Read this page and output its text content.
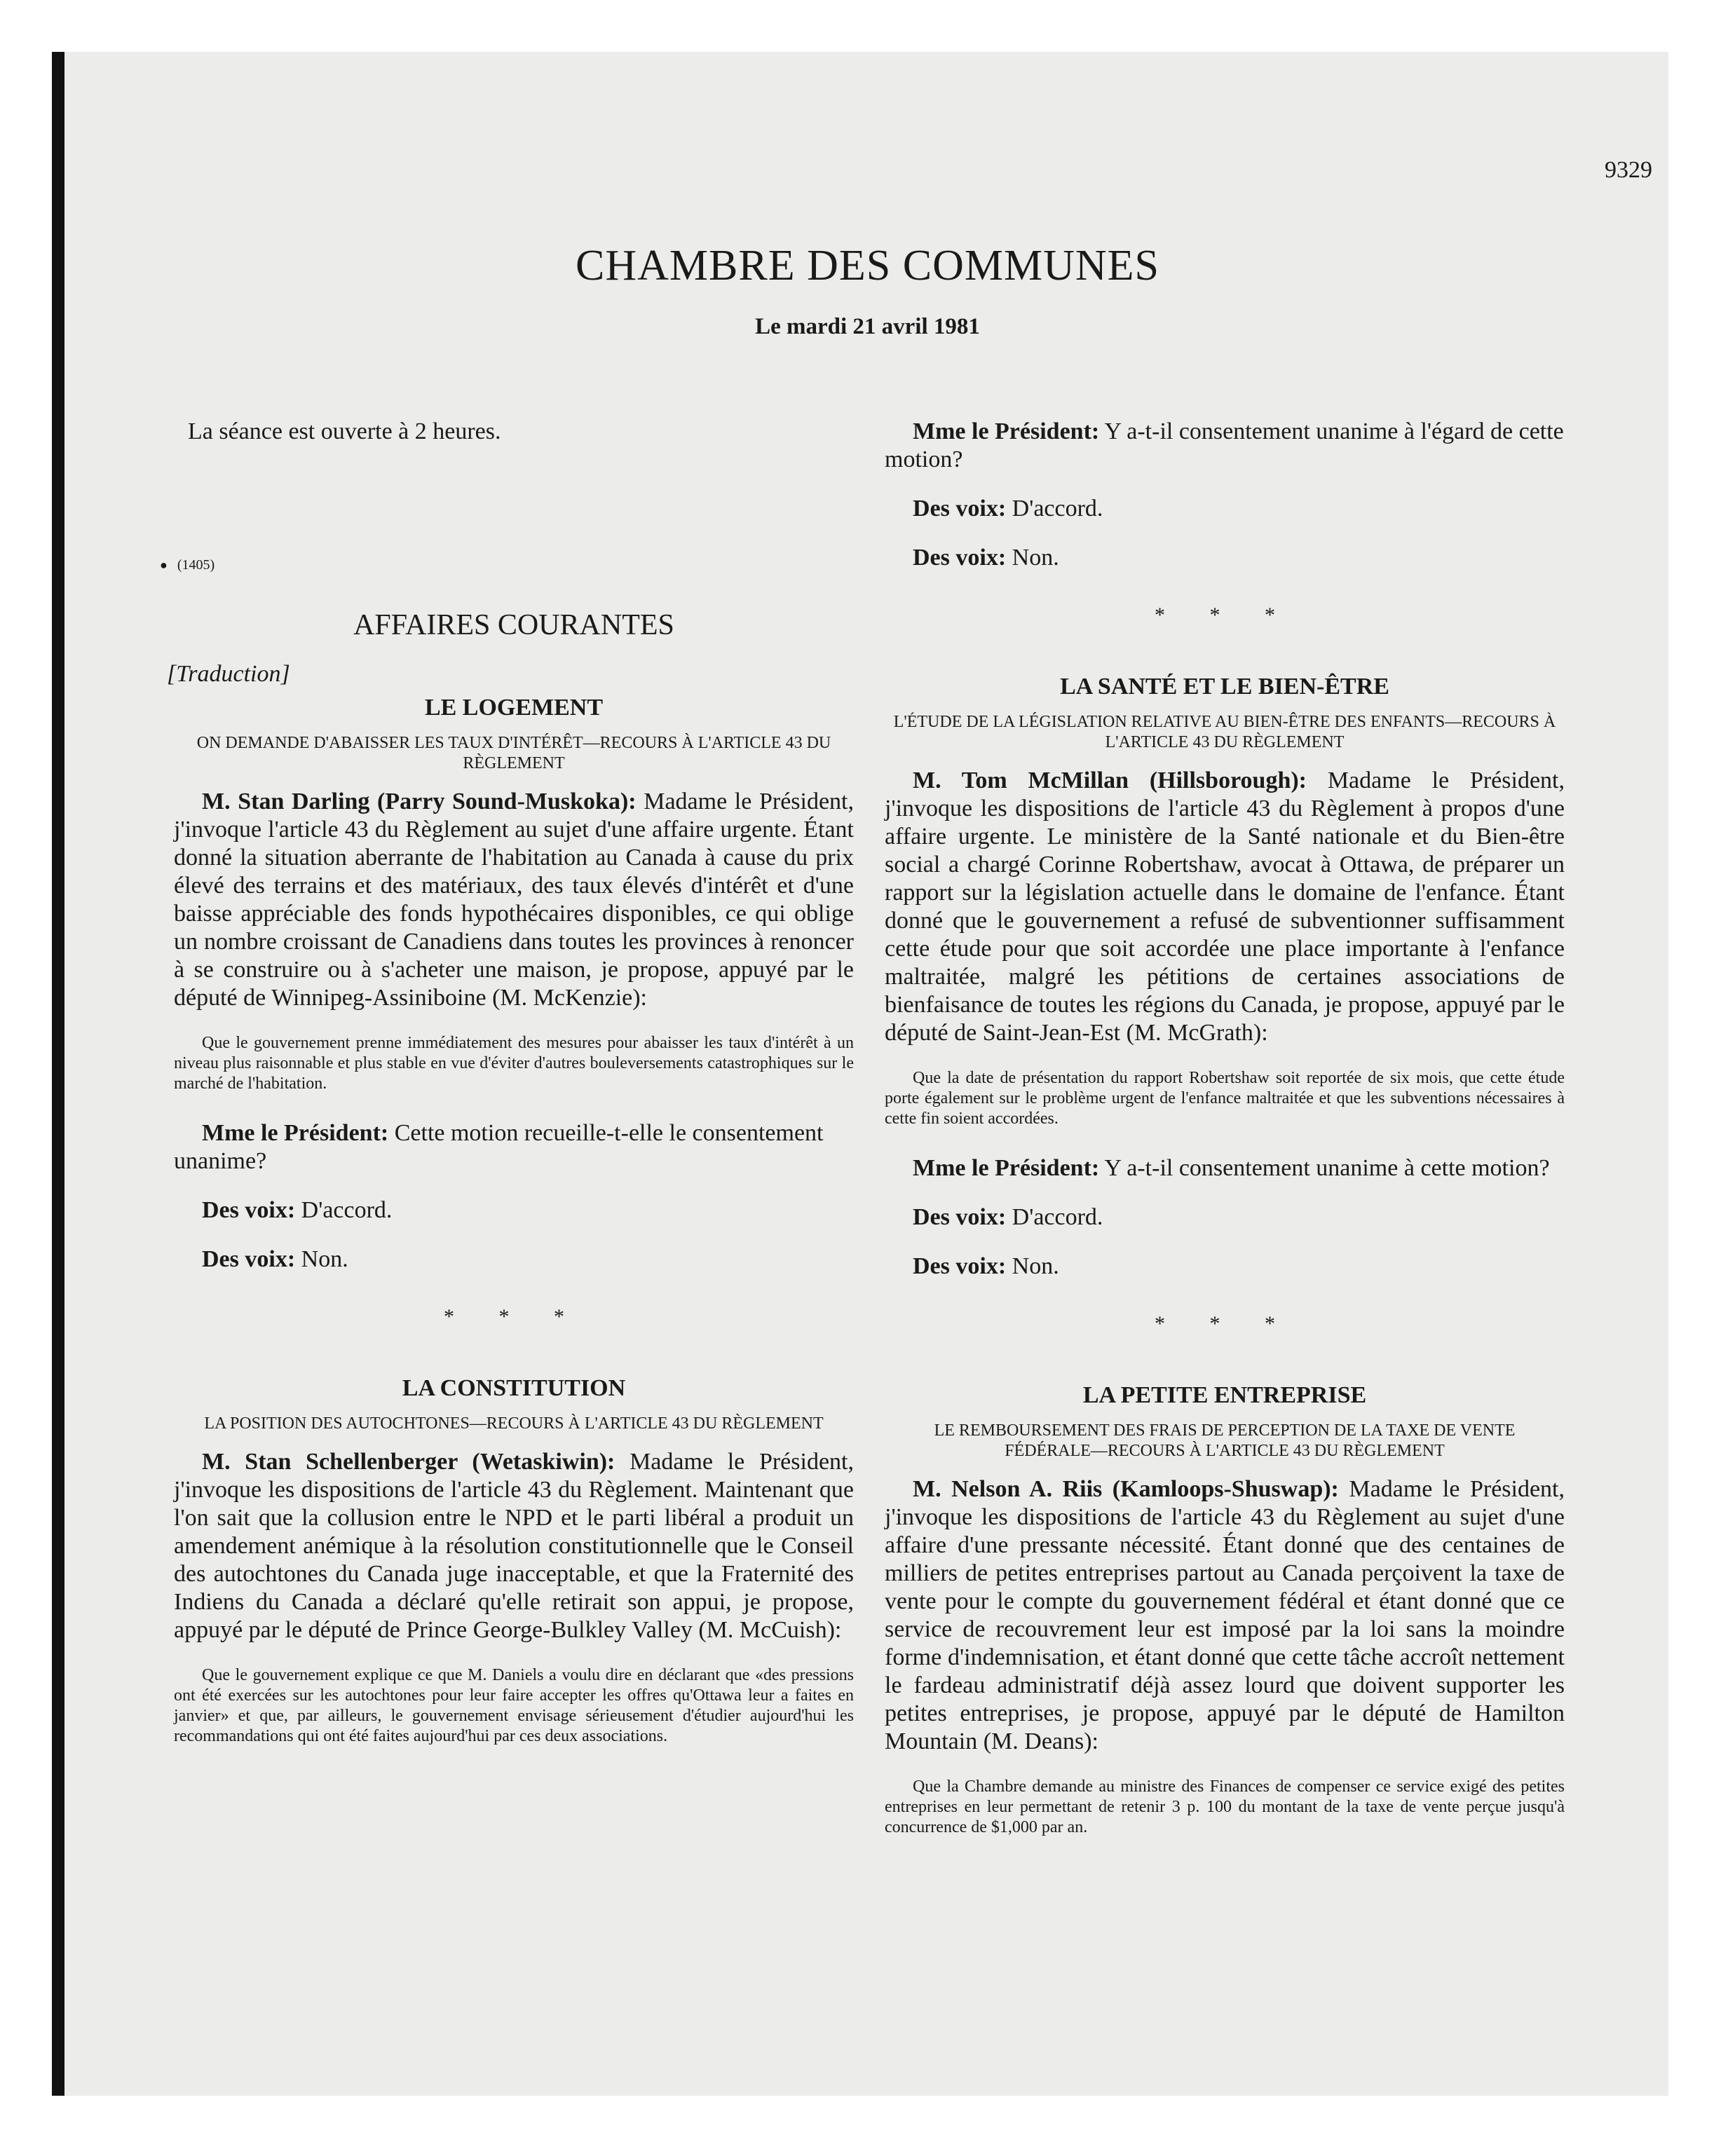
9329

CHAMBRE DES COMMUNES

Le mardi 21 avril 1981

La séance est ouverte à 2 heures.

● (1405)

AFFAIRES COURANTES

[Traduction]

LE LOGEMENT

ON DEMANDE D'ABAISSER LES TAUX D'INTÉRÊT—RECOURS À L'ARTICLE 43 DU RÈGLEMENT

M. Stan Darling (Parry Sound-Muskoka): Madame le Président, j'invoque l'article 43 du Règlement au sujet d'une affaire urgente. Étant donné la situation aberrante de l'habitation au Canada à cause du prix élevé des terrains et des matériaux, des taux élevés d'intérêt et d'une baisse appréciable des fonds hypothécaires disponibles, ce qui oblige un nombre croissant de Canadiens dans toutes les provinces à renoncer à se construire ou à s'acheter une maison, je propose, appuyé par le député de Winnipeg-Assiniboine (M. McKenzie):

Que le gouvernement prenne immédiatement des mesures pour abaisser les taux d'intérêt à un niveau plus raisonnable et plus stable en vue d'éviter d'autres bouleversements catastrophiques sur le marché de l'habitation.

Mme le Président: Cette motion recueille-t-elle le consentement unanime?

Des voix: D'accord.

Des voix: Non.

* * *

LA CONSTITUTION

LA POSITION DES AUTOCHTONES—RECOURS À L'ARTICLE 43 DU RÈGLEMENT

M. Stan Schellenberger (Wetaskiwin): Madame le Président, j'invoque les dispositions de l'article 43 du Règlement. Maintenant que l'on sait que la collusion entre le NPD et le parti libéral a produit un amendement anémique à la résolution constitutionnelle que le Conseil des autochtones du Canada juge inacceptable, et que la Fraternité des Indiens du Canada a déclaré qu'elle retirait son appui, je propose, appuyé par le député de Prince George-Bulkley Valley (M. McCuish):

Que le gouvernement explique ce que M. Daniels a voulu dire en déclarant que «des pressions ont été exercées sur les autochtones pour leur faire accepter les offres qu'Ottawa leur a faites en janvier» et que, par ailleurs, le gouvernement envisage sérieusement d'étudier aujourd'hui les recommandations qui ont été faites aujourd'hui par ces deux associations.

Mme le Président: Y a-t-il consentement unanime à l'égard de cette motion?

Des voix: D'accord.

Des voix: Non.

* * *

LA SANTÉ ET LE BIEN-ÊTRE

L'ÉTUDE DE LA LÉGISLATION RELATIVE AU BIEN-ÊTRE DES ENFANTS—RECOURS À L'ARTICLE 43 DU RÈGLEMENT

M. Tom McMillan (Hillsborough): Madame le Président, j'invoque les dispositions de l'article 43 du Règlement à propos d'une affaire urgente. Le ministère de la Santé nationale et du Bien-être social a chargé Corinne Robertshaw, avocat à Ottawa, de préparer un rapport sur la législation actuelle dans le domaine de l'enfance. Étant donné que le gouvernement a refusé de subventionner suffisamment cette étude pour que soit accordée une place importante à l'enfance maltraitée, malgré les pétitions de certaines associations de bienfaisance de toutes les régions du Canada, je propose, appuyé par le député de Saint-Jean-Est (M. McGrath):

Que la date de présentation du rapport Robertshaw soit reportée de six mois, que cette étude porte également sur le problème urgent de l'enfance maltraitée et que les subventions nécessaires à cette fin soient accordées.

Mme le Président: Y a-t-il consentement unanime à cette motion?

Des voix: D'accord.

Des voix: Non.

* * *

LA PETITE ENTREPRISE

LE REMBOURSEMENT DES FRAIS DE PERCEPTION DE LA TAXE DE VENTE FÉDÉRALE—RECOURS À L'ARTICLE 43 DU RÈGLEMENT

M. Nelson A. Riis (Kamloops-Shuswap): Madame le Président, j'invoque les dispositions de l'article 43 du Règlement au sujet d'une affaire d'une pressante nécessité. Étant donné que des centaines de milliers de petites entreprises partout au Canada perçoivent la taxe de vente pour le compte du gouvernement fédéral et étant donné que ce service de recouvrement leur est imposé par la loi sans la moindre forme d'indemnisation, et étant donné que cette tâche accroît nettement le fardeau administratif déjà assez lourd que doivent supporter les petites entreprises, je propose, appuyé par le député de Hamilton Mountain (M. Deans):

Que la Chambre demande au ministre des Finances de compenser ce service exigé des petites entreprises en leur permettant de retenir 3 p. 100 du montant de la taxe de vente perçue jusqu'à concurrence de $1,000 par an.
